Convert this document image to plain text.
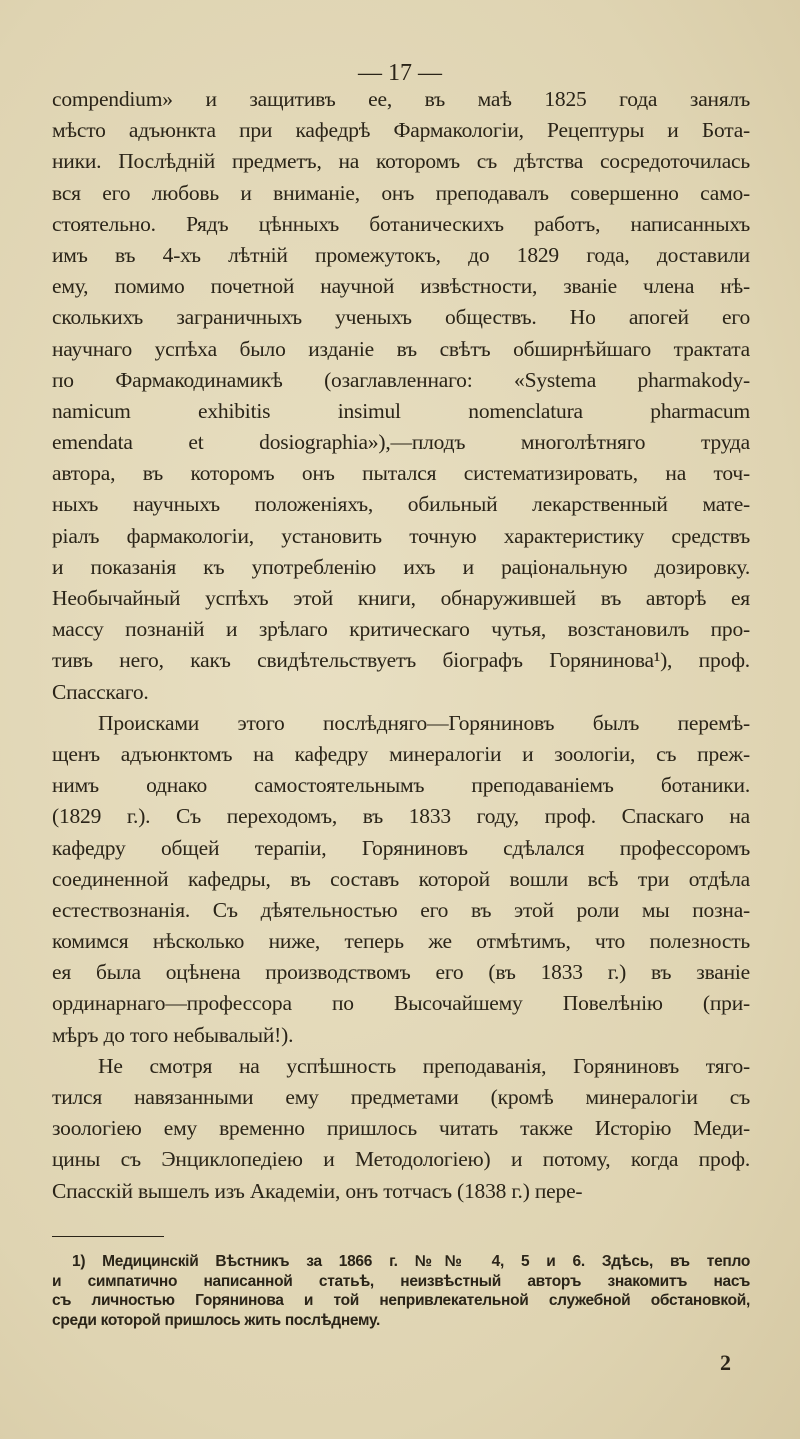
— 17 —
compendium» и защитивъ ее, въ маѣ 1825 года занялъ
мѣсто адъюнкта при кафедрѣ Фармакологіи, Рецептуры и Бота-
ники. Послѣдній предметъ, на которомъ съ дѣтства сосредоточилась
вся его любовь и вниманіе, онъ преподавалъ совершенно само-
стоятельно. Рядъ цѣнныхъ ботаническихъ работъ, написанныхъ
имъ въ 4-хъ лѣтній промежутокъ, до 1829 года, доставили
ему, помимо почетной научной извѣстности, званіе члена нѣ-
сколькихъ заграничныхъ ученыхъ обществъ. Но апогей его
научнаго успѣха было изданіе въ свѣтъ обширнѣйшаго трактата
по Фармакодинамикѣ (озаглавленнаго: «Systema pharmakody-
namicum exhibitis insimul nomenclatura pharmacum
emendata et dosiographia»),—плодъ многолѣтняго труда
автора, въ которомъ онъ пытался систематизировать, на точ-
ныхъ научныхъ положеніяхъ, обильный лекарственный мате-
ріалъ фармакологіи, установить точную характеристику средствъ
и показанія къ употребленію ихъ и раціональную дозировку.
Необычайный успѣхъ этой книги, обнаружившей въ авторѣ ея
массу познаній и зрѣлаго критическаго чутья, возстановилъ про-
тивъ него, какъ свидѣтельствуетъ біографъ Горянинова¹), проф.
Спасскаго.
Происками этого послѣдняго—Горяниновъ былъ перемѣ-
щенъ адъюнктомъ на кафедру минералогіи и зоологіи, съ преж-
нимъ однако самостоятельнымъ преподаваніемъ ботаники.
(1829 г.). Съ переходомъ, въ 1833 году, проф. Спаскаго на
кафедру общей терапіи, Горяниновъ сдѣлался профессоромъ
соединенной кафедры, въ составъ которой вошли всѣ три отдѣла
естествознанія. Съ дѣятельностью его въ этой роли мы позна-
комимся нѣсколько ниже, теперь же отмѣтимъ, что полезность
ея была оцѣнена производствомъ его (въ 1833 г.) въ званіе
ординарнаго—профессора по Высочайшему Повелѣнію (при-
мѣръ до того небывалый!).
Не смотря на успѣшность преподаванія, Горяниновъ тяго-
тился навязанными ему предметами (кромѣ минералогіи съ
зоологіею ему временно пришлось читать также Исторію Меди-
цины съ Энциклопедіею и Методологіею) и потому, когда проф.
Спасскій вышелъ изъ Академіи, онъ тотчасъ (1838 г.) пере-
1) Медицинскій Вѣстникъ за 1866 г. №№ 4, 5 и 6. Здѣсь, въ тепло
и симпатично написанной статьѣ, неизвѣстный авторъ знакомитъ насъ
съ личностью Горянинова и той непривлекательной служебной обстановкой,
среди которой пришлось жить послѣднему.
2
